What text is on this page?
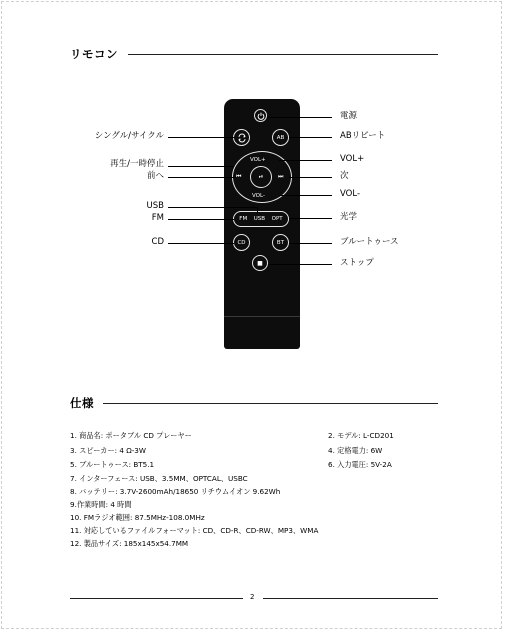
リモコン
AB
VOL+
VOL-
⏮	⏭
⏯
FM USB OPT
CD	BT
■
シングル/サイクル
再生/一時停止
前へ
USB
FM
CD
電源
ABリピート
VOL+
次
VOL-
光学
ブルートゥース
ストップ
仕様
1. 商品名: ポータブル CD プレーヤー
3. スピーカー: 4 Ω-3W
5. ブルートゥース: BT5.1
7. インターフェース: USB、3.5MM、OPTCAL、USBC
8. バッテリー: 3.7V-2600mAh/18650 リチウムイオン 9.62Wh
9.作業時間: 4 時間
10. FMラジオ範囲: 87.5MHz-108.0MHz
11. 対応しているファイルフォーマット: CD、CD-R、CD-RW、MP3、WMA
12. 製品サイズ: 185x145x54.7MM
2. モデル: L-CD201
4. 定格電力: 6W
6. 入力電圧: 5V-2A
2
